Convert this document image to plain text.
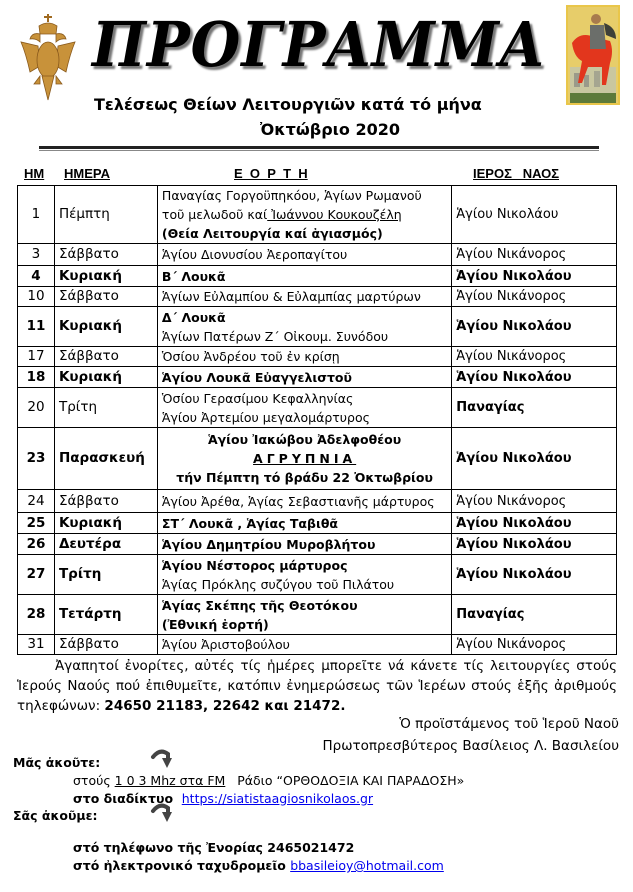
ΠΡΟΓΡΑΜΜΑ
Τελέσεως Θείων Λειτουργιῶν κατά τό μήνα
Ὀκτώβριο 2020
ΗΜ ΗΜΕΡΑ	Ε  Ο  Ρ  Τ  Η	ΙΕΡΟΣ   ΝΑΟΣ
1	Πέμπτη	Παναγίας Γοργοϋπηκόου, Ἁγίων Ρωμανοῦ
τοῦ μελωδοῦ καί Ἰωάννου Κουκουζέλη
(Θεία Λειτουργία καί ἁγιασμός)	Ἁγίου Νικολάου
3	Σάββατο	Ἁγίου Διονυσίου Ἀεροπαγίτου	Ἁγίου Νικάνορος
4	Κυριακή	Β΄ Λουκᾶ	Ἁγίου Νικολάου
10	Σάββατο	Ἁγίων Εὐλαμπίου & Εὐλαμπίας μαρτύρων	Ἁγίου Νικάνορος
11	Κυριακή	Δ΄ Λουκᾶ
Ἁγίων Πατέρων Ζ΄ Οἰκουμ. Συνόδου	Ἁγίου Νικολάου
17	Σάββατο	Ὁσίου Ἀνδρέου τοῦ ἐν κρίσῃ	Ἁγίου Νικάνορος
18	Κυριακή	Ἁγίου Λουκᾶ Εὐαγγελιστοῦ	Ἁγίου Νικολάου
20	Τρίτη	Ὁσίου Γερασίμου Κεφαλληνίας
Ἁγίου Ἀρτεμίου μεγαλομάρτυρος	Παναγίας
23	Παρασκευή	Ἁγίου Ἰακώβου Ἀδελφοθέου
ΑΓΡΥΠΝΙΑ
τήν Πέμπτη τό βράδυ 22 Ὀκτωβρίου	Ἁγίου Νικολάου
24	Σάββατο	Ἁγίου Ἀρέθα, Ἁγίας Σεβαστιανῆς μάρτυρος	Ἁγίου Νικάνορος
25	Κυριακή	ΣΤ΄ Λουκᾶ , Ἁγίας Ταβιθᾶ	Ἁγίου Νικολάου
26	Δευτέρα	Ἁγίου Δημητρίου Μυροβλήτου	Ἁγίου Νικολάου
27	Τρίτη	Ἁγίου Νέστορος μάρτυρος
Ἁγίας Πρόκλης συζύγου τοῦ Πιλάτου	Ἁγίου Νικολάου
28	Τετάρτη	Ἁγίας Σκέπης τῆς Θεοτόκου
(Ἐθνική ἑορτή)	Παναγίας
31	Σάββατο	Ἁγίου Ἀριστοβούλου	Ἁγίου Νικάνορος
Ἀγαπητοί ἐνορίτες, αὐτές τίς ἡμέρες μπορεῖτε νά κάνετε τίς λειτουργίες στούς Ἱερούς Ναούς πού ἐπιθυμεῖτε, κατόπιν ἐνημερώσεως τῶν Ἱερέων στούς ἑξῆς ἀριθμούς τηλεφώνων: 24650 21183, 22642 και 21472.
Ὁ προϊστάμενος τοῦ Ἱεροῦ Ναοῦ
Πρωτοπρεσβύτερος Βασίλειος Λ. Βασιλείου
Μᾶς ἀκοῦτε:
στούς 1 0 3 Mhz στα FM   Ράδιο “ΟΡΘΟΔΟΞΙΑ ΚΑΙ ΠΑΡΑΔΟΣΗ»
στο διαδίκτυο  https://siatistaagiosnikolaos.gr
Σᾶς ἀκοῦμε:
στό τηλέφωνο τῆς Ἐνορίας 2465021472
στό ἠλεκτρονικό ταχυδρομεῖο bbasileioy@hotmail.com
